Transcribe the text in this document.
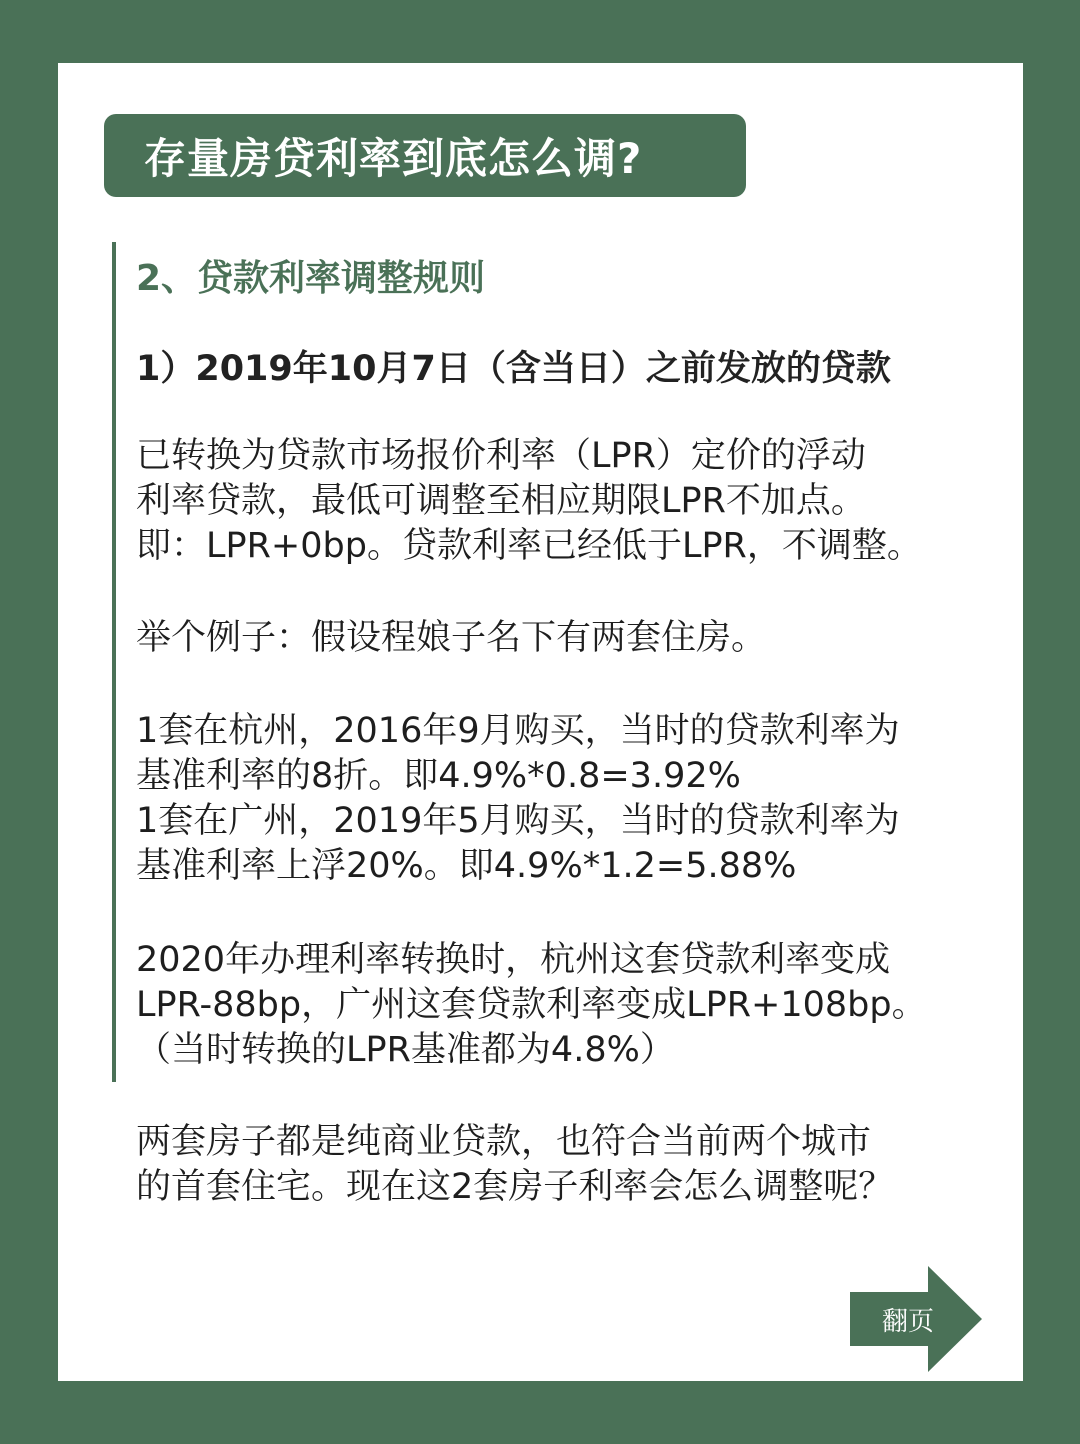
存量房贷利率到底怎么调?
2、贷款利率调整规则
1）2019年10月7日（含当日）之前发放的贷款
已转换为贷款市场报价利率（LPR）定价的浮动
利率贷款，最低可调整至相应期限LPR不加点。
即：LPR+0bp。贷款利率已经低于LPR，不调整。
举个例子：假设程娘子名下有两套住房。
1套在杭州，2016年9月购买，当时的贷款利率为
基准利率的8折。即4.9%*0.8=3.92%
1套在广州，2019年5月购买，当时的贷款利率为
基准利率上浮20%。即4.9%*1.2=5.88%
2020年办理利率转换时，杭州这套贷款利率变成
LPR-88bp，广州这套贷款利率变成LPR+108bp。
（当时转换的LPR基准都为4.8%）
两套房子都是纯商业贷款，也符合当前两个城市
的首套住宅。现在这2套房子利率会怎么调整呢？
翻页
